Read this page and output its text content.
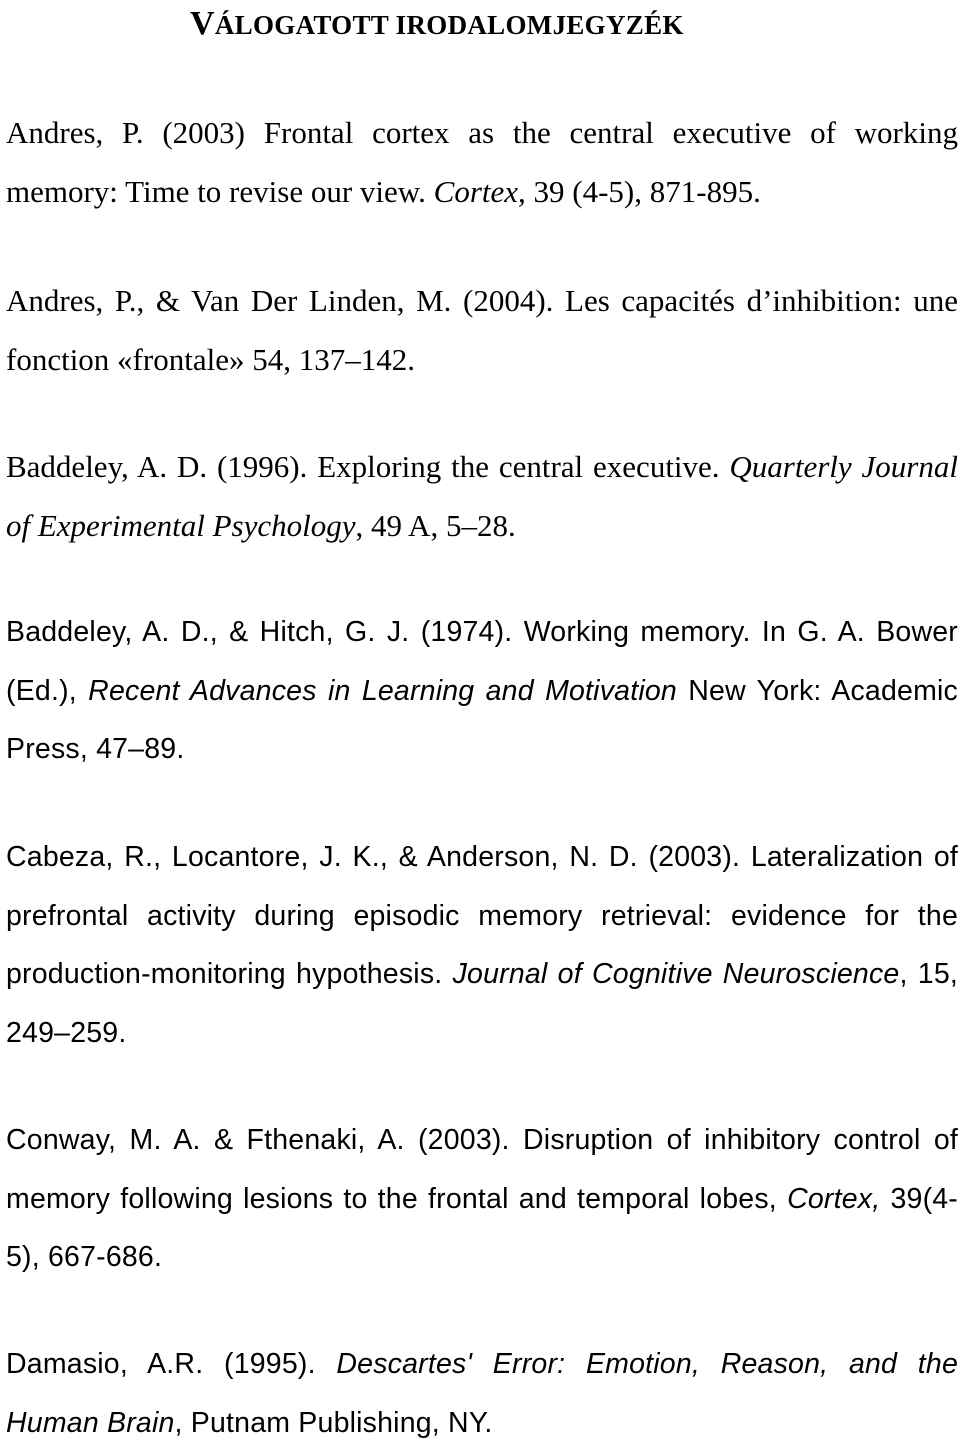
VÁLOGATOTT IRODALOMJEGYZÉK
Andres, P. (2003) Frontal cortex as the central executive of working memory: Time to revise our view. Cortex, 39 (4-5), 871-895.
Andres, P., & Van Der Linden, M. (2004). Les capacités d’inhibition: une fonction «frontale» 54, 137–142.
Baddeley, A. D. (1996). Exploring the central executive. Quarterly Journal of Experimental Psychology, 49 A, 5–28.
Baddeley, A. D., & Hitch, G. J. (1974). Working memory. In G. A. Bower (Ed.), Recent Advances in Learning and Motivation New York: Academic Press, 47–89.
Cabeza, R., Locantore, J. K., & Anderson, N. D. (2003). Lateralization of prefrontal activity during episodic memory retrieval: evidence for the production-monitoring hypothesis. Journal of Cognitive Neuroscience, 15, 249–259.
Conway, M. A. & Fthenaki, A. (2003). Disruption of inhibitory control of memory following lesions to the frontal and temporal lobes, Cortex, 39(4-5), 667-686.
Damasio, A.R. (1995). Descartes' Error: Emotion, Reason, and the Human Brain, Putnam Publishing, NY.
